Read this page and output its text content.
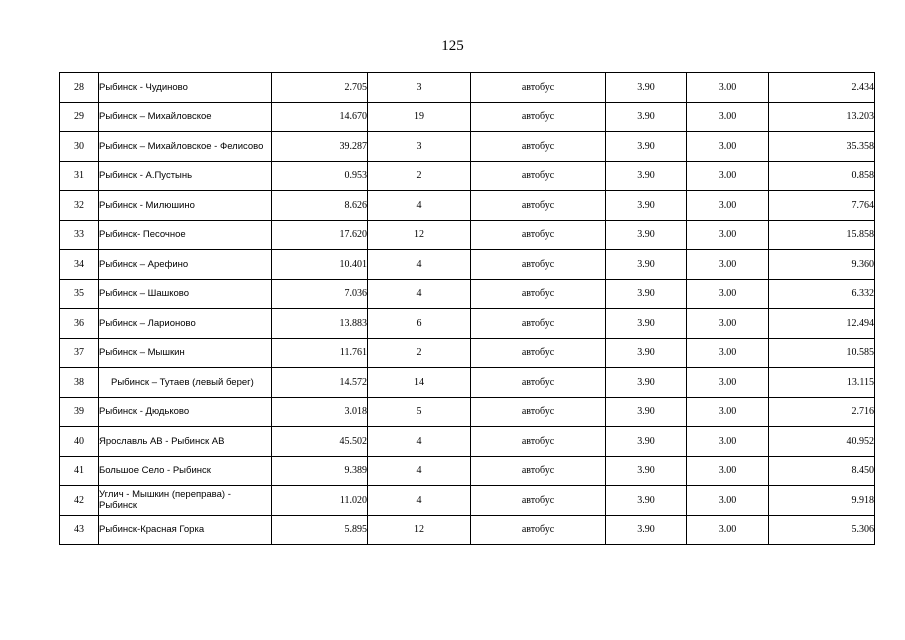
125
28	Рыбинск - Чудиново	2.705	3	автобус	3.90	3.00	2.434
29	Рыбинск – Михайловское	14.670	19	автобус	3.90	3.00	13.203
30	Рыбинск – Михайловское - Фелисово	39.287	3	автобус	3.90	3.00	35.358
31	Рыбинск - А.Пустынь	0.953	2	автобус	3.90	3.00	0.858
32	Рыбинск - Милюшино	8.626	4	автобус	3.90	3.00	7.764
33	Рыбинск- Песочное	17.620	12	автобус	3.90	3.00	15.858
34	Рыбинск – Арефино	10.401	4	автобус	3.90	3.00	9.360
35	Рыбинск – Шашково	7.036	4	автобус	3.90	3.00	6.332
36	Рыбинск – Ларионово	13.883	6	автобус	3.90	3.00	12.494
37	Рыбинск – Мышкин	11.761	2	автобус	3.90	3.00	10.585
38	Рыбинск – Тутаев (левый берег)	14.572	14	автобус	3.90	3.00	13.115
39	Рыбинск - Дюдьково	3.018	5	автобус	3.90	3.00	2.716
40	Ярославль АВ - Рыбинск АВ	45.502	4	автобус	3.90	3.00	40.952
41	Большое Село - Рыбинск	9.389	4	автобус	3.90	3.00	8.450
42	Углич - Мышкин (переправа) - Рыбинск	11.020	4	автобус	3.90	3.00	9.918
43	Рыбинск-Красная Горка	5.895	12	автобус	3.90	3.00	5.306
